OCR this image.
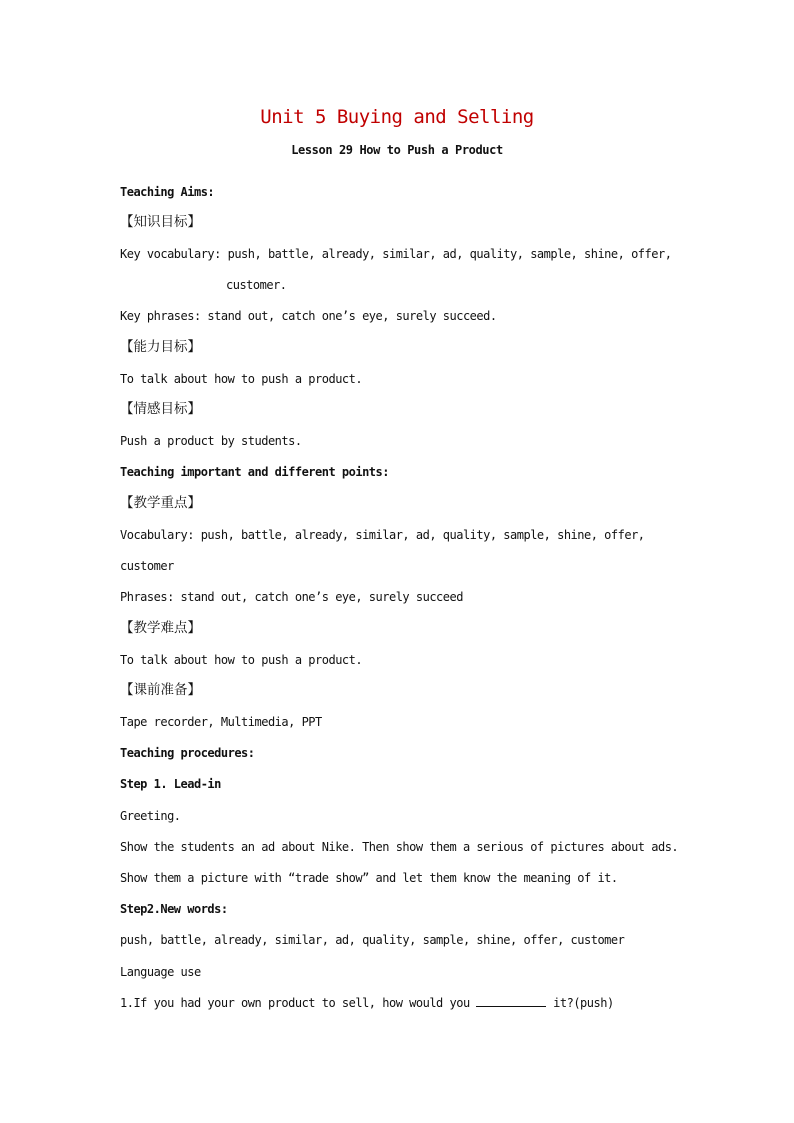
Unit 5 Buying and Selling
Lesson 29 How to Push a Product
Teaching Aims:
【知识目标】
Key vocabulary: push, battle, already, similar, ad, quality, sample, shine, offer,
customer.
Key phrases: stand out, catch one’s eye, surely succeed.
【能力目标】
To talk about how to push a product.
【情感目标】
Push a product by students.
Teaching important and different points:
【教学重点】
Vocabulary: push, battle, already, similar, ad, quality, sample, shine, offer,
customer
Phrases: stand out, catch one’s eye, surely succeed
【教学难点】
To talk about how to push a product.
【课前准备】
Tape recorder, Multimedia, PPT
Teaching procedures:
Step 1. Lead-in
Greeting.
Show the students an ad about Nike. Then show them a serious of pictures about ads.
Show them a picture with “trade show” and let them know the meaning of it.
Step2.New words:
push, battle, already, similar, ad, quality, sample, shine, offer, customer
Language use
1.If you had your own product to sell, how would you	it?(push)
